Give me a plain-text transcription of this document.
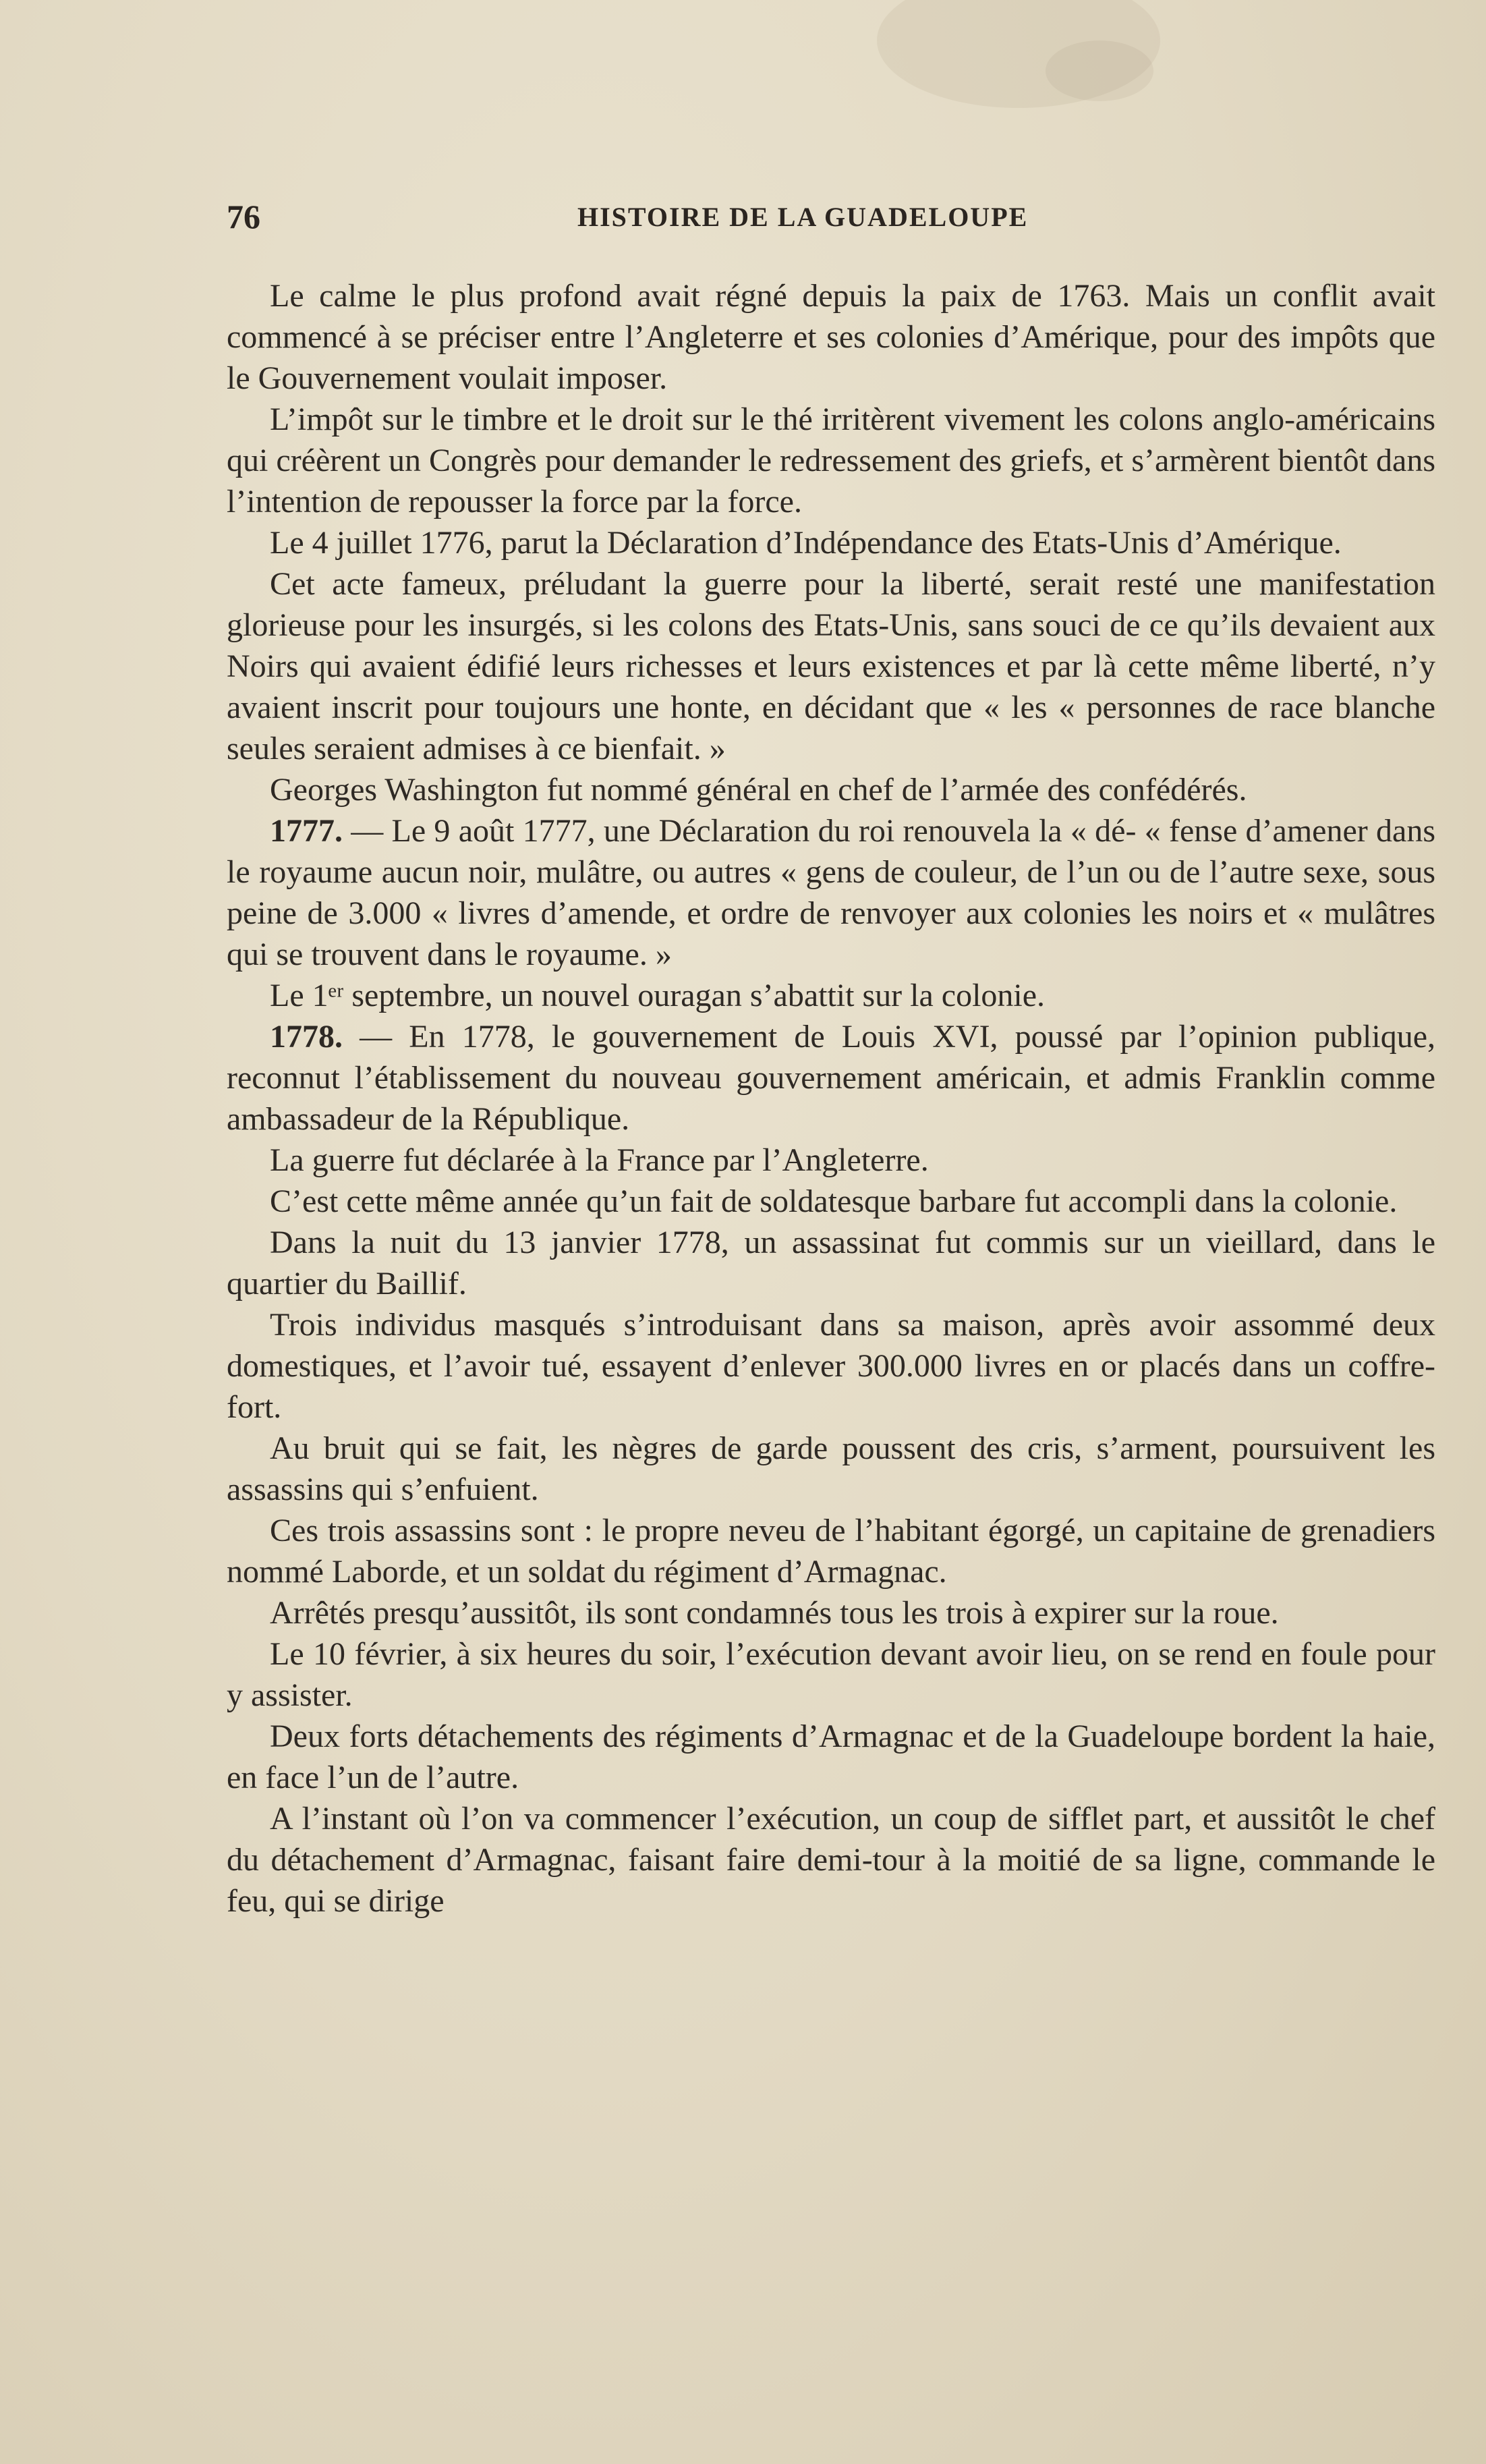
76	HISTOIRE DE LA GUADELOUPE

Le calme le plus profond avait régné depuis la paix de 1763. Mais un conflit avait commencé à se préciser entre l’Angleterre et ses colonies d’Amérique, pour des impôts que le Gouvernement voulait imposer.

L’impôt sur le timbre et le droit sur le thé irritèrent vivement les colons anglo-américains qui créèrent un Congrès pour demander le redressement des griefs, et s’armèrent bientôt dans l’intention de repousser la force par la force.

Le 4 juillet 1776, parut la Déclaration d’Indépendance des Etats-Unis d’Amérique.

Cet acte fameux, préludant la guerre pour la liberté, serait resté une manifestation glorieuse pour les insurgés, si les colons des Etats-Unis, sans souci de ce qu’ils devaient aux Noirs qui avaient édifié leurs richesses et leurs existences et par là cette même liberté, n’y avaient inscrit pour toujours une honte, en décidant que « les « personnes de race blanche seules seraient admises à ce bienfait. »

Georges Washington fut nommé général en chef de l’armée des confédérés.

1777. — Le 9 août 1777, une Déclaration du roi renouvela la « dé- « fense d’amener dans le royaume aucun noir, mulâtre, ou autres « gens de couleur, de l’un ou de l’autre sexe, sous peine de 3.000 « livres d’amende, et ordre de renvoyer aux colonies les noirs et « mulâtres qui se trouvent dans le royaume. »

Le 1ᵉʳ septembre, un nouvel ouragan s’abattit sur la colonie.

1778. — En 1778, le gouvernement de Louis XVI, poussé par l’opinion publique, reconnut l’établissement du nouveau gouvernement américain, et admis Franklin comme ambassadeur de la République.

La guerre fut déclarée à la France par l’Angleterre.

C’est cette même année qu’un fait de soldatesque barbare fut accompli dans la colonie.

Dans la nuit du 13 janvier 1778, un assassinat fut commis sur un vieillard, dans le quartier du Baillif.

Trois individus masqués s’introduisant dans sa maison, après avoir assommé deux domestiques, et l’avoir tué, essayent d’enlever 300.000 livres en or placés dans un coffre-fort.

Au bruit qui se fait, les nègres de garde poussent des cris, s’arment, poursuivent les assassins qui s’enfuient.

Ces trois assassins sont : le propre neveu de l’habitant égorgé, un capitaine de grenadiers nommé Laborde, et un soldat du régiment d’Armagnac.

Arrêtés presqu’aussitôt, ils sont condamnés tous les trois à expirer sur la roue.

Le 10 février, à six heures du soir, l’exécution devant avoir lieu, on se rend en foule pour y assister.

Deux forts détachements des régiments d’Armagnac et de la Guadeloupe bordent la haie, en face l’un de l’autre.

A l’instant où l’on va commencer l’exécution, un coup de sifflet part, et aussitôt le chef du détachement d’Armagnac, faisant faire demi-tour à la moitié de sa ligne, commande le feu, qui se dirige
